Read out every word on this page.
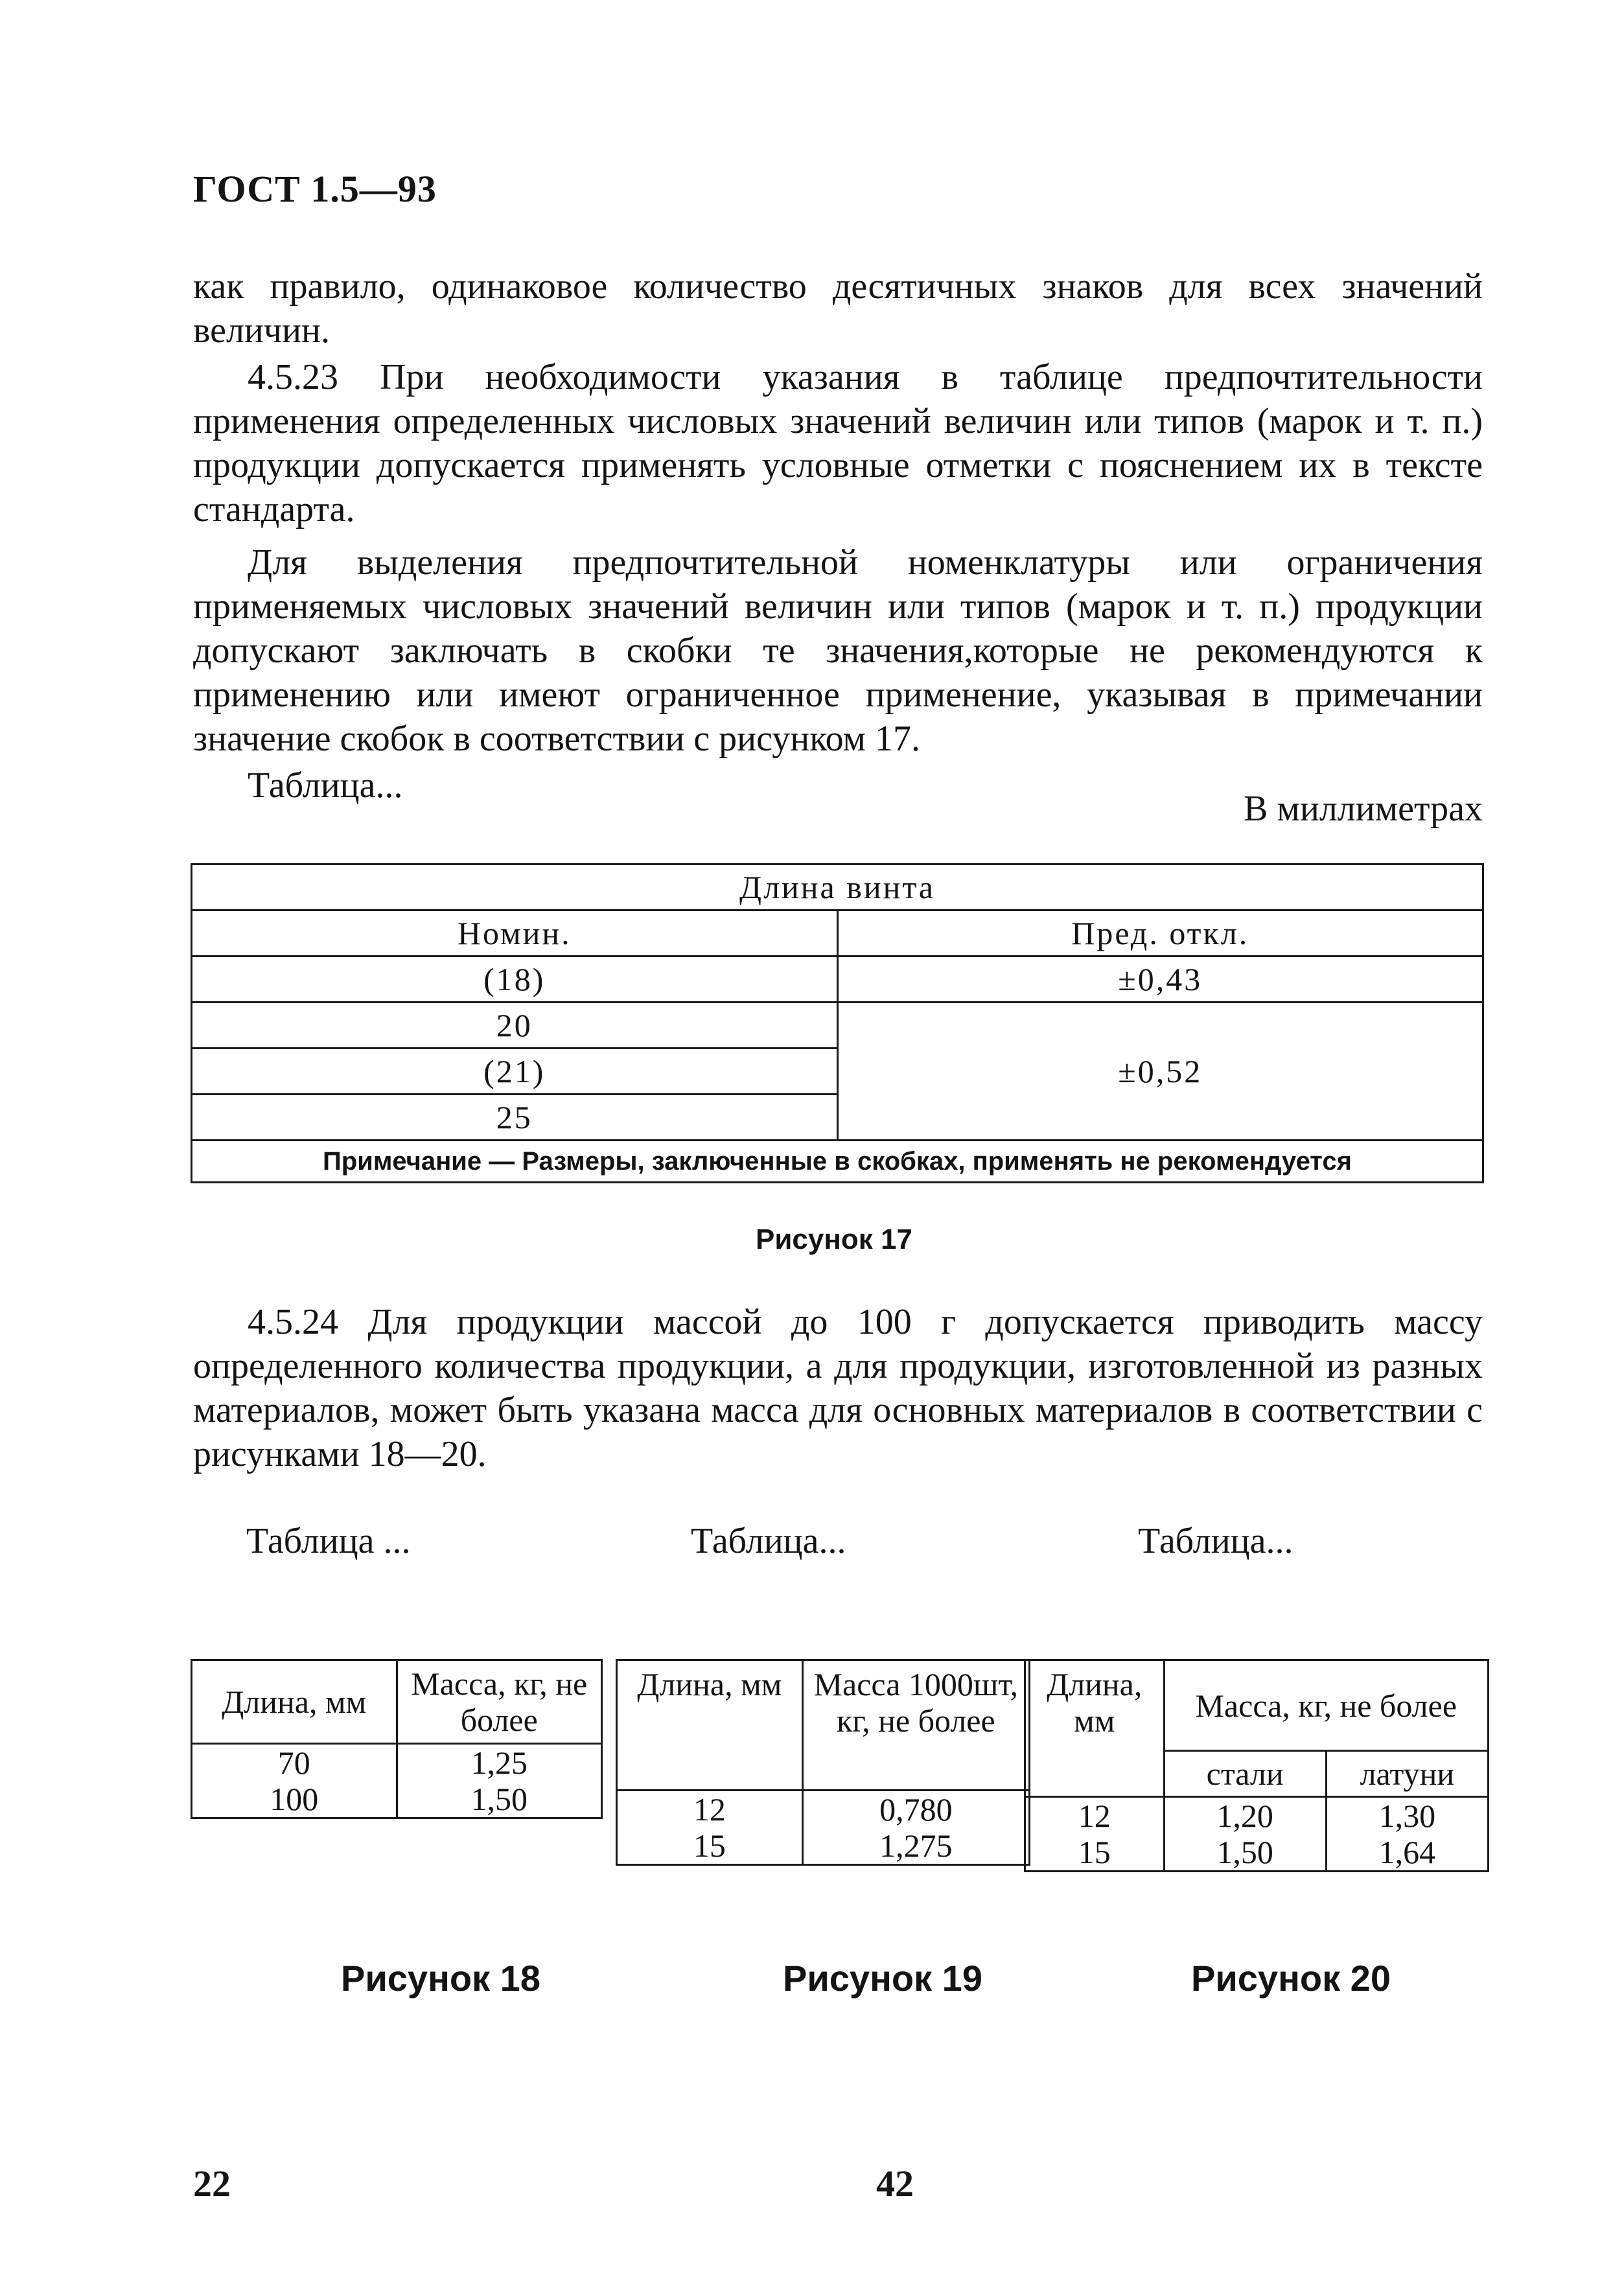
ГОСТ 1.5—93

как правило, одинаковое количество десятичных знаков для всех значений величин.

4.5.23 При необходимости указания в таблице предпочтительности применения определенных числовых значений величин или типов (марок и т. п.) продукции допускается применять условные отметки с пояснением их в тексте стандарта.

Для выделения предпочтительной номенклатуры или ограничения применяемых числовых значений величин или типов (марок и т. п.) продукции допускают заключать в скобки те значения,которые не рекомендуются к применению или имеют ограниченное применение, указывая в примечании значение скобок в соответствии с рисунком 17.

Таблица...

В миллиметрах
Длина винта	
Номин.	Пред. откл.
(18)	±0,43
20	±0,52
(21)	
25	
Примечание — Размеры, заключенные в скобках, применять не рекомендуется	
Рисунок 17

4.5.24 Для продукции массой до 100 г допускается приводить массу определенного количества продукции, а для продукции, изготовленной из разных материалов, может быть указана масса для основных материалов в соответствии с рисунками 18—20.

Таблица ...	Таблица...	Таблица...
Длина, мм	Масса, кг, не более
70	1,25
100	1,50
Длина, мм	Масса 1000шт, кг, не более
12	0,780
15	1,275
Длина, мм	Масса, кг, не более	
	стали	латуни
12	1,20	1,30
15	1,50	1,64
Рисунок 18	Рисунок 19	Рисунок 20
22	42
